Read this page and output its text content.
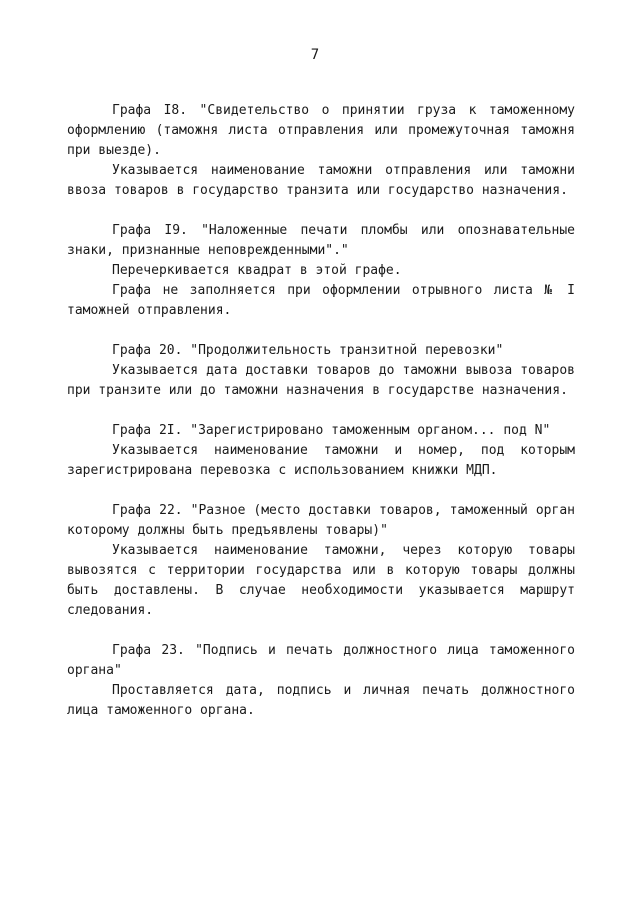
7

Графа I8. "Свидетельство о принятии груза к таможенному оформлению (таможня листа отправления или промежуточная таможня при выезде).

Указывается наименование таможни отправления или таможни ввоза товаров в государство транзита или государство назначения.

Графа I9. "Наложенные печати пломбы или опознавательные знаки, признанные неповрежденными"."

Перечеркивается квадрат в этой графе.

Графа не заполняется при оформлении отрывного листа № I таможней отправления.

Графа 20. "Продолжительность транзитной перевозки"

Указывается дата доставки товаров до таможни вывоза товаров при транзите или до таможни назначения в государстве назначения.

Графа 2I. "Зарегистрировано таможенным органом... под N"

Указывается наименование таможни и номер, под которым зарегистрирована перевозка с использованием книжки МДП.

Графа 22. "Разное (место доставки товаров, таможенный орган которому должны быть предъявлены товары)"

Указывается наименование таможни, через которую товары вывозятся с территории государства или в которую товары должны быть доставлены. В случае необходимости указывается маршрут следования.

Графа 23. "Подпись и печать должностного лица таможенного органа"

Проставляется дата, подпись и личная печать должностного лица таможенного органа.
